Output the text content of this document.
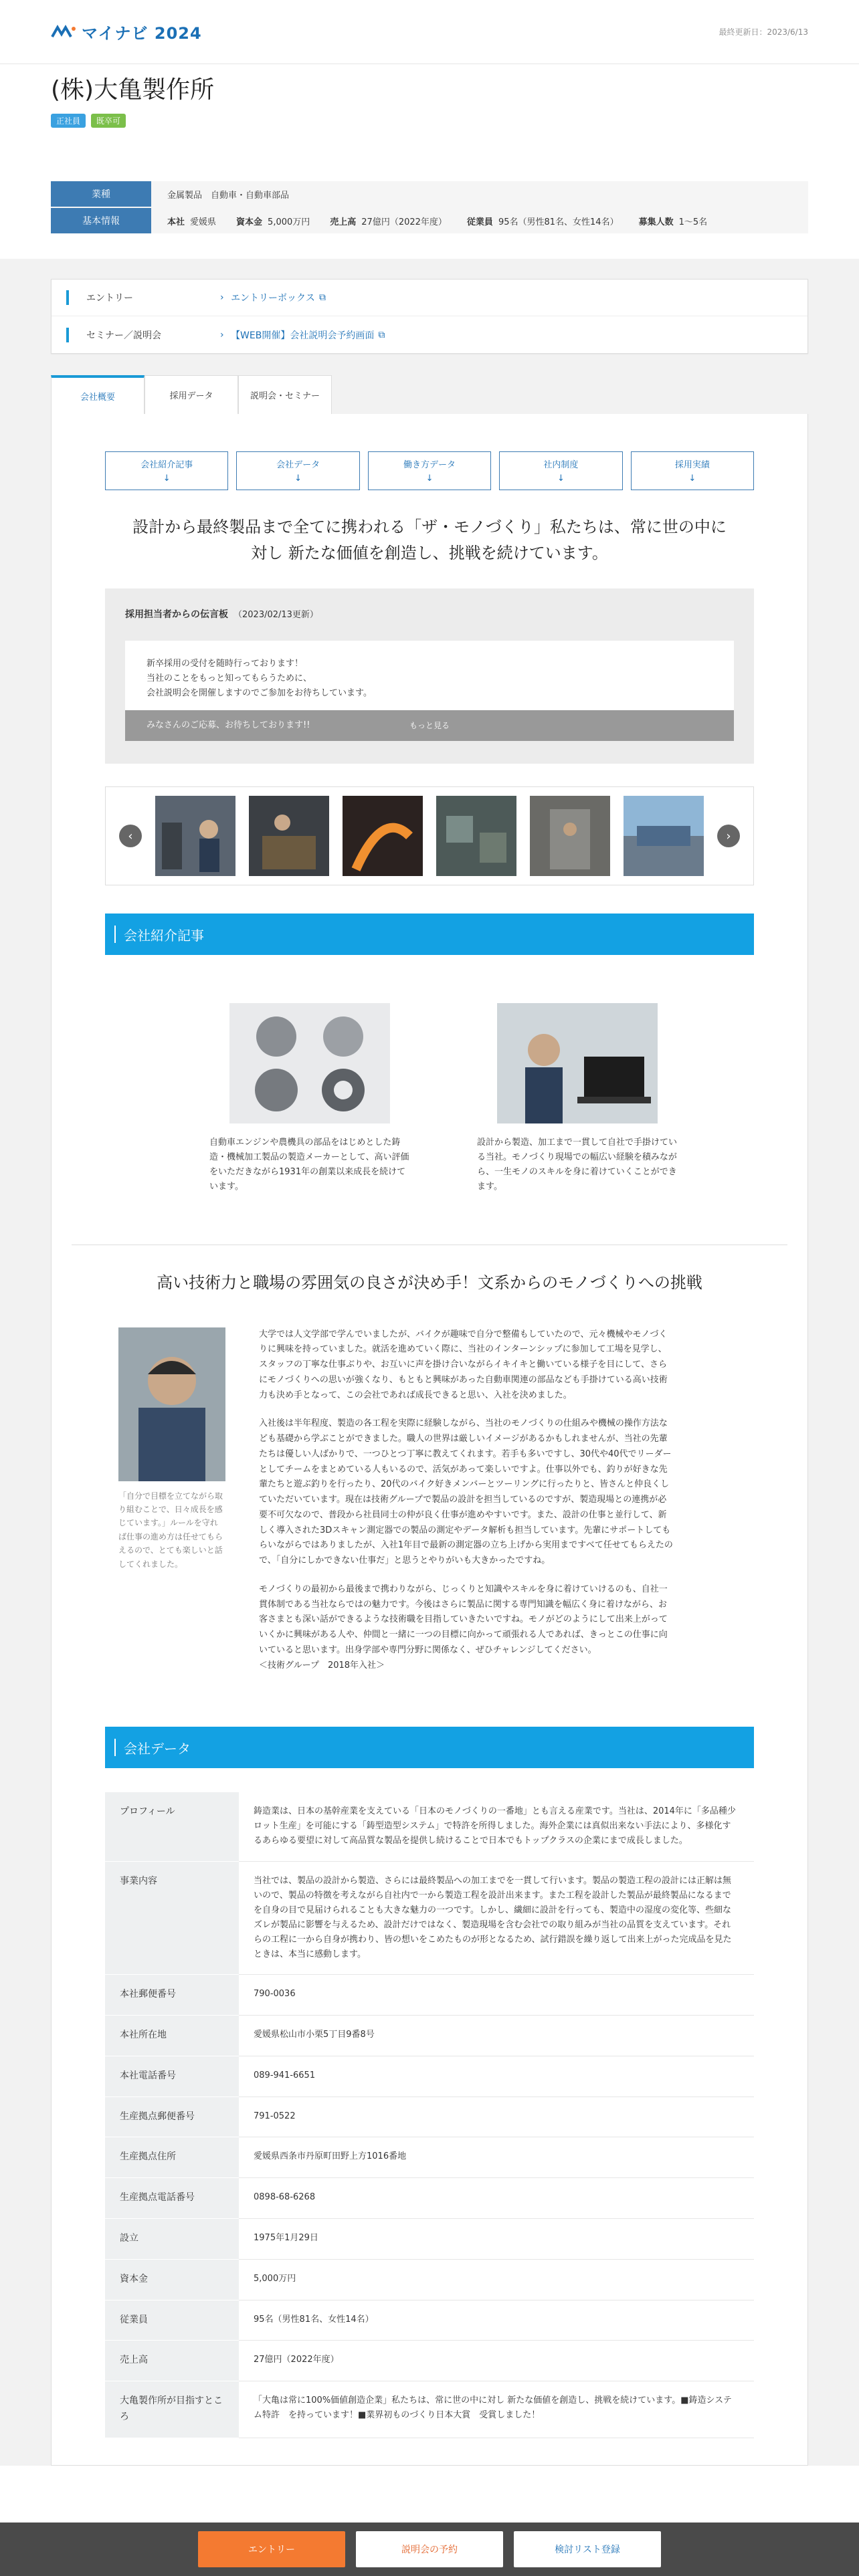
マイナビ 2024	最終更新日：2023/6/13
(株)大亀製作所
正社員	既卒可
業種	金属製品　自動車・自動車部品
基本情報	本社 愛媛県 資本金 5,000万円 売上高 27億円（2022年度） 従業員 95名（男性81名、女性14名） 募集人数 1～5名
エントリー	› エントリーボックス ⧉
セミナー／説明会	› 【WEB開催】会社説明会予約画面 ⧉
会社概要	採用データ	説明会・セミナー
会社紹介記事
↓
会社データ
↓
働き方データ
↓
社内制度
↓
採用実績
↓
設計から最終製品まで全てに携われる「ザ・モノづくり」私たちは、常に世の中に対し 新たな価値を創造し、挑戦を続けています。
採用担当者からの伝言板 （2023/02/13更新）
新卒採用の受付を随時行っております！
当社のことをもっと知ってもらうために、
会社説明会を開催しますのでご参加をお待ちしています。
みなさんのご応募、お待ちしております!!	もっと見る
‹	›
会社紹介記事

自動車エンジンや農機具の部品をはじめとした鋳造・機械加工製品の製造メーカーとして、高い評価をいただきながら1931年の創業以来成長を続けています。

設計から製造、加工まで一貫して自社で手掛けている当社。モノづくり現場での幅広い経験を積みながら、一生モノのスキルを身に着けていくことができます。

高い技術力と職場の雰囲気の良さが決め手！文系からのモノづくりへの挑戦

「自分で目標を立てながら取り組むことで、日々成長を感じています。」ルールを守れば仕事の進め方は任せてもらえるので、とても楽しいと話してくれました。

大学では人文学部で学んでいましたが、バイクが趣味で自分で整備もしていたので、元々機械やモノづくりに興味を持っていました。就活を進めていく際に、当社のインターンシップに参加して工場を見学し、スタッフの丁寧な仕事ぶりや、お互いに声を掛け合いながらイキイキと働いている様子を目にして、さらにモノづくりへの思いが強くなり、もともと興味があった自動車関連の部品なども手掛けている高い技術力も決め手となって、この会社であれば成長できると思い、入社を決めました。

入社後は半年程度、製造の各工程を実際に経験しながら、当社のモノづくりの仕組みや機械の操作方法なども基礎から学ぶことができました。職人の世界は厳しいイメージがあるかもしれませんが、当社の先輩たちは優しい人ばかりで、一つひとつ丁寧に教えてくれます。若手も多いですし、30代や40代でリーダーとしてチームをまとめている人もいるので、活気があって楽しいですよ。仕事以外でも、釣りが好きな先輩たちと遊ぶ釣りを行ったり、20代のバイク好きメンバーとツーリングに行ったりと、皆さんと仲良くしていただいています。現在は技術グループで製品の設計を担当しているのですが、製造現場との連携が必要不可欠なので、普段から社員同士の仲が良く仕事が進めやすいです。また、設計の仕事と並行して、新しく導入された3Dスキャン測定器での製品の測定やデータ解析も担当しています。先輩にサポートしてもらいながらではありましたが、入社1年目で最新の測定器の立ち上げから実用まですべて任せてもらえたので、「自分にしかできない仕事だ」と思うとやりがいも大きかったですね。

モノづくりの最初から最後まで携わりながら、じっくりと知識やスキルを身に着けていけるのも、自社一貫体制である当社ならではの魅力です。今後はさらに製品に関する専門知識を幅広く身に着けながら、お客さまとも深い話ができるような技術職を目指していきたいですね。モノがどのようにして出来上がっていくかに興味がある人や、仲間と一緒に一つの目標に向かって頑張れる人であれば、きっとこの仕事に向いていると思います。出身学部や専門分野に関係なく、ぜひチャレンジしてください。

＜技術グループ　2018年入社＞

会社データ
プロフィール	鋳造業は、日本の基幹産業を支えている「日本のモノづくりの一番地」とも言える産業です。当社は、2014年に「多品種少ロット生産」を可能にする「鋳型造型システム」で特許を所得しました。海外企業には真似出来ない手法により、多様化するあらゆる要望に対して高品質な製品を提供し続けることで日本でもトップクラスの企業にまで成長しました。
事業内容	当社では、製品の設計から製造、さらには最終製品への加工までを一貫して行います。製品の製造工程の設計には正解は無いので、製品の特徴を考えながら自社内で一から製造工程を設計出来ます。また工程を設計した製品が最終製品になるまでを自身の目で見届けられることも大きな魅力の一つです。しかし、繊細に設計を行っても、製造中の湿度の変化等、些細なズレが製品に影響を与えるため、設計だけではなく、製造現場を含む会社での取り組みが当社の品質を支えています。それらの工程に一から自身が携わり、皆の想いをこめたものが形となるため、試行錯誤を繰り返して出来上がった完成品を見たときは、本当に感動します。
本社郵便番号	790-0036
本社所在地	愛媛県松山市小栗5丁目9番8号
本社電話番号	089-941-6651
生産拠点郵便番号	791-0522
生産拠点住所	愛媛県西条市丹原町田野上方1016番地
生産拠点電話番号	0898-68-6268
設立	1975年1月29日
資本金	5,000万円
従業員	95名（男性81名、女性14名）
売上高	27億円（2022年度）
大亀製作所が目指すところ	「大亀は常に100%価値創造企業」私たちは、常に世の中に対し 新たな価値を創造し、挑戦を続けています。■鋳造システム特許　を持っています！■業界初ものづくり日本大賞　受賞しました！
エントリー	説明会の予約	検討リスト登録
